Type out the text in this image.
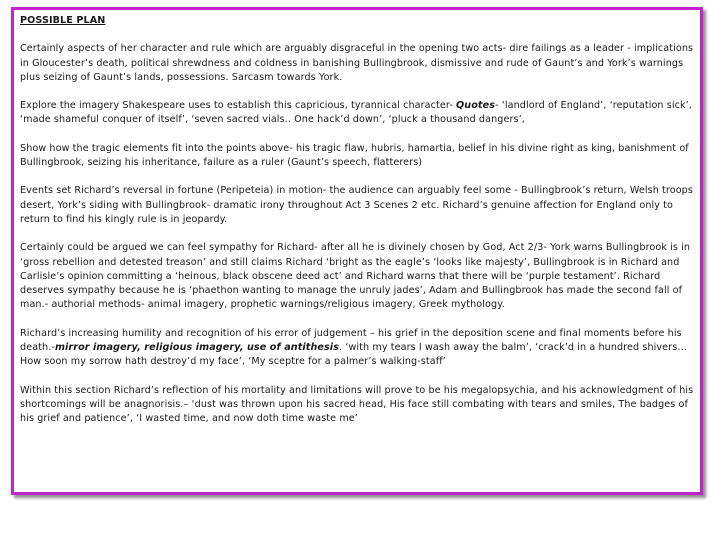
POSSIBLE PLAN

Certainly aspects of her character and rule which are arguably disgraceful in the opening two acts- dire failings as a leader - implications in Gloucester’s death, political shrewdness and coldness in banishing Bullingbrook, dismissive and rude of Gaunt’s and York’s warnings plus seizing of Gaunt’s lands, possessions. Sarcasm towards York.

Explore the imagery Shakespeare uses to establish this capricious, tyrannical character- Quotes- ‘landlord of England’, ‘reputation sick’, ‘made shameful conquer of itself’, ‘seven sacred vials.. One hack’d down’, ‘pluck a thousand dangers’,

Show how the tragic elements fit into the points above- his tragic flaw, hubris, hamartia, belief in his divine right as king, banishment of Bullingbrook, seizing his inheritance, failure as a ruler (Gaunt’s speech, flatterers)

Events set Richard’s reversal in fortune (Peripeteia) in motion- the audience can arguably feel some - Bullingbrook’s return, Welsh troops desert, York’s siding with Bullingbrook- dramatic irony throughout Act 3 Scenes 2 etc. Richard’s genuine affection for England only to return to find his kingly rule is in jeopardy.

Certainly could be argued we can feel sympathy for Richard- after all he is divinely chosen by God, Act 2/3- York warns Bullingbrook is in ‘gross rebellion and detested treason’ and still claims Richard ‘bright as the eagle’s ‘looks like majesty’, Bullingbrook is in Richard and Carlisle’s opinion committing a ‘heinous, black obscene deed act’ and Richard warns that there will be ‘purple testament’. Richard deserves sympathy because he is ‘phaethon wanting to manage the unruly jades’, Adam and Bullingbrook has made the second fall of man.- authorial methods- animal imagery, prophetic warnings/religious imagery, Greek mythology.

Richard’s increasing humility and recognition of his error of judgement – his grief in the deposition scene and final moments before his death.-mirror imagery, religious imagery, use of antithesis. ‘with my tears I wash away the balm’, ‘crack’d in a hundred shivers…How soon my sorrow hath destroy’d my face’, ‘My sceptre for a palmer’s walking-staff’

Within this section Richard’s reflection of his mortality and limitations will prove to be his megalopsychia, and his acknowledgment of his shortcomings will be anagnorisis.– ‘dust was thrown upon his sacred head, His face still combating with tears and smiles, The badges of his grief and patience’, ‘I wasted time, and now doth time waste me’
